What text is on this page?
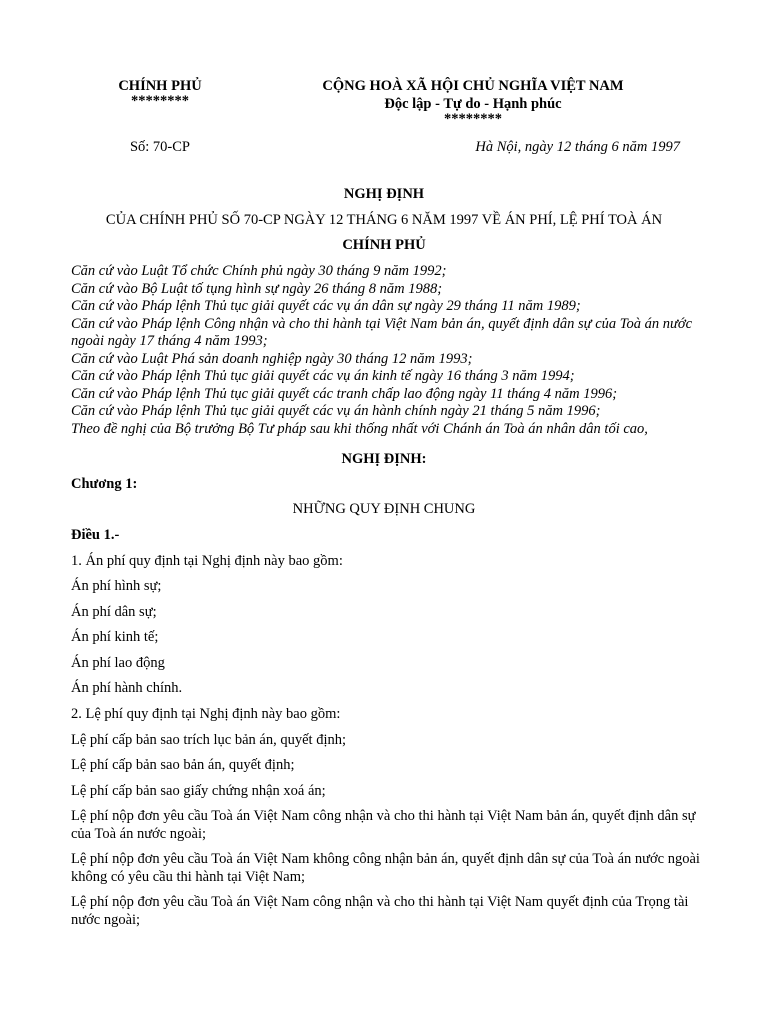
CHÍNH PHỦ
********
CỘNG HOÀ XÃ HỘI CHỦ NGHĨA VIỆT NAM
Độc lập - Tự do - Hạnh phúc
********
Số: 70-CP	Hà Nội, ngày 12 tháng 6 năm 1997
NGHỊ ĐỊNH
CỦA CHÍNH PHỦ SỐ 70-CP NGÀY 12 THÁNG 6 NĂM 1997 VỀ ÁN PHÍ, LỆ PHÍ TOÀ ÁN
CHÍNH PHỦ

Căn cứ vào Luật Tổ chức Chính phủ ngày 30 tháng 9 năm 1992;

Căn cứ vào Bộ Luật tố tụng hình sự ngày 26 tháng 8 năm 1988;

Căn cứ vào Pháp lệnh Thủ tục giải quyết các vụ án dân sự ngày 29 tháng 11 năm 1989;

Căn cứ vào Pháp lệnh Công nhận và cho thi hành tại Việt Nam bản án, quyết định dân sự của Toà án nước ngoài ngày 17 tháng 4 năm 1993;

Căn cứ vào Luật Phá sản doanh nghiệp ngày 30 tháng 12 năm 1993;

Căn cứ vào Pháp lệnh Thủ tục giải quyết các vụ án kinh tế ngày 16 tháng 3 năm 1994;

Căn cứ vào Pháp lệnh Thủ tục giải quyết các tranh chấp lao động ngày 11 tháng 4 năm 1996;

Căn cứ vào Pháp lệnh Thủ tục giải quyết các vụ án hành chính ngày 21 tháng 5 năm 1996;

Theo đề nghị của Bộ trưởng Bộ Tư pháp sau khi thống nhất với Chánh án Toà án nhân dân tối cao,

NGHỊ ĐỊNH:
Chương 1:
NHỮNG QUY ĐỊNH CHUNG
Điều 1.-
1. Án phí quy định tại Nghị định này bao gồm:
Án phí hình sự;
Án phí dân sự;
Án phí kinh tế;
Án phí lao động
Án phí hành chính.
2. Lệ phí quy định tại Nghị định này bao gồm:
Lệ phí cấp bản sao trích lục bản án, quyết định;
Lệ phí cấp bản sao bản án, quyết định;
Lệ phí cấp bản sao giấy chứng nhận xoá án;
Lệ phí nộp đơn yêu cầu Toà án Việt Nam công nhận và cho thi hành tại Việt Nam bản án, quyết định dân sự của Toà án nước ngoài;
Lệ phí nộp đơn yêu cầu Toà án Việt Nam không công nhận bản án, quyết định dân sự của Toà án nước ngoài không có yêu cầu thi hành tại Việt Nam;
Lệ phí nộp đơn yêu cầu Toà án Việt Nam công nhận và cho thi hành tại Việt Nam quyết định của Trọng tài nước ngoài;
